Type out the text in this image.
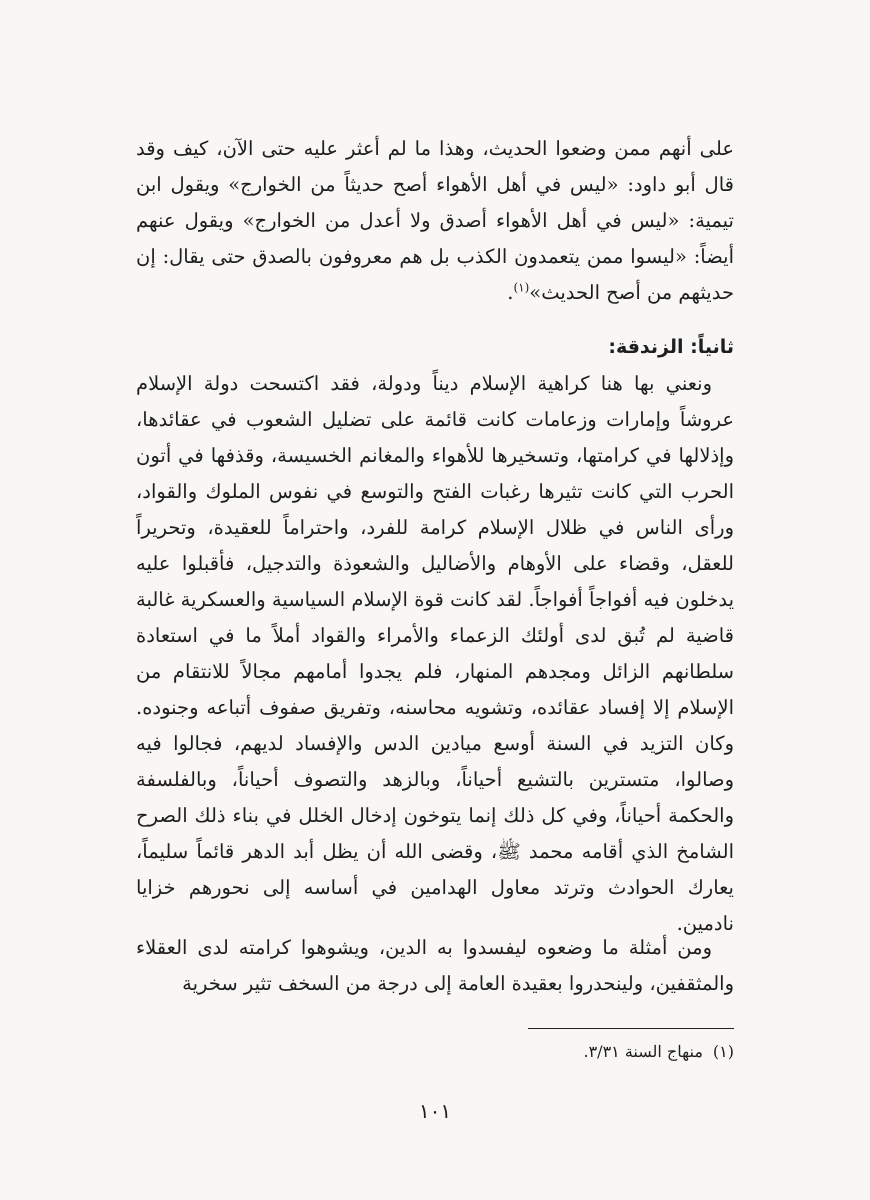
على أنهم ممن وضعوا الحديث، وهذا ما لم أعثر عليه حتى الآن، كيف وقد قال أبو داود: «ليس في أهل الأهواء أصح حديثاً من الخوارج» ويقول ابن تيمية: «ليس في أهل الأهواء أصدق ولا أعدل من الخوارج» ويقول عنهم أيضاً: «ليسوا ممن يتعمدون الكذب بل هم معروفون بالصدق حتى يقال: إن حديثهم من أصح الحديث»$^{(١)}$.

ثانياً: الزندقة:

ونعني بها هنا كراهية الإسلام ديناً ودولة، فقد اكتسحت دولة الإسلام عروشاً وإمارات وزعامات كانت قائمة على تضليل الشعوب في عقائدها، وإذلالها في كرامتها، وتسخيرها للأهواء والمغانم الخسيسة، وقذفها في أتون الحرب التي كانت تثيرها رغبات الفتح والتوسع في نفوس الملوك والقواد، ورأى الناس في ظلال الإسلام كرامة للفرد، واحتراماً للعقيدة، وتحريراً للعقل، وقضاء على الأوهام والأضاليل والشعوذة والتدجيل، فأقبلوا عليه يدخلون فيه أفواجاً أفواجاً. لقد كانت قوة الإسلام السياسية والعسكرية غالبة قاضية لم تُبق لدى أولئك الزعماء والأمراء والقواد أملاً ما في استعادة سلطانهم الزائل ومجدهم المنهار، فلم يجدوا أمامهم مجالاً للانتقام من الإسلام إلا إفساد عقائده، وتشويه محاسنه، وتفريق صفوف أتباعه وجنوده. وكان التزيد في السنة أوسع ميادين الدس والإفساد لديهم، فجالوا فيه وصالوا، متسترين بالتشيع أحياناً، وبالزهد والتصوف أحياناً، وبالفلسفة والحكمة أحياناً، وفي كل ذلك إنما يتوخون إدخال الخلل في بناء ذلك الصرح الشامخ الذي أقامه محمد ﷺ، وقضى الله أن يظل أبد الدهر قائماً سليماً، يعارك الحوادث وترتد معاول الهدامين في أساسه إلى نحورهم خزايا نادمين.

ومن أمثلة ما وضعوه ليفسدوا به الدين، ويشوهوا كرامته لدى العقلاء والمثقفين، ولينحدروا بعقيدة العامة إلى درجة من السخف تثير سخرية

(١)منهاج السنة ٣/٣١.
١٠١
